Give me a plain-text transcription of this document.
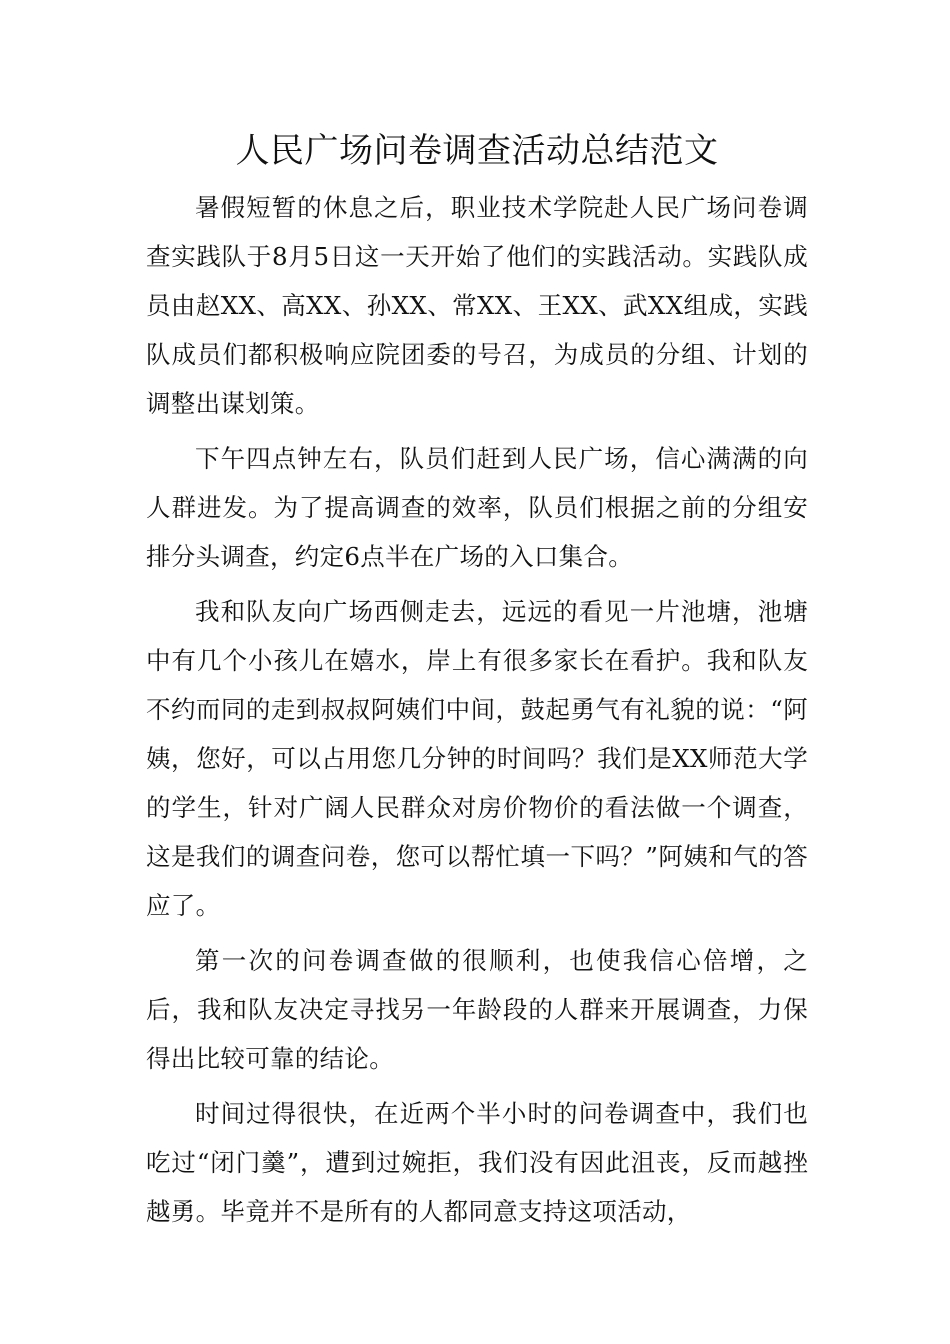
人民广场问卷调查活动总结范文

暑假短暂的休息之后，职业技术学院赴人民广场问卷调查实践队于8月5日这一天开始了他们的实践活动。实践队成员由赵XX、高XX、孙XX、常XX、王XX、武XX组成，实践队成员们都积极响应院团委的号召，为成员的分组、计划的调整出谋划策。

下午四点钟左右，队员们赶到人民广场，信心满满的向人群进发。为了提高调查的效率，队员们根据之前的分组安排分头调查，约定6点半在广场的入口集合。

我和队友向广场西侧走去，远远的看见一片池塘，池塘中有几个小孩儿在嬉水，岸上有很多家长在看护。我和队友不约而同的走到叔叔阿姨们中间，鼓起勇气有礼貌的说：“阿姨，您好，可以占用您几分钟的时间吗？我们是XX师范大学的学生，针对广阔人民群众对房价物价的看法做一个调查，这是我们的调查问卷，您可以帮忙填一下吗？”阿姨和气的答应了。

第一次的问卷调查做的很顺利，也使我信心倍增，之后，我和队友决定寻找另一年龄段的人群来开展调查，力保得出比较可靠的结论。

时间过得很快，在近两个半小时的问卷调查中，我们也吃过“闭门羹”，遭到过婉拒，我们没有因此沮丧，反而越挫越勇。毕竟并不是所有的人都同意支持这项活动，
